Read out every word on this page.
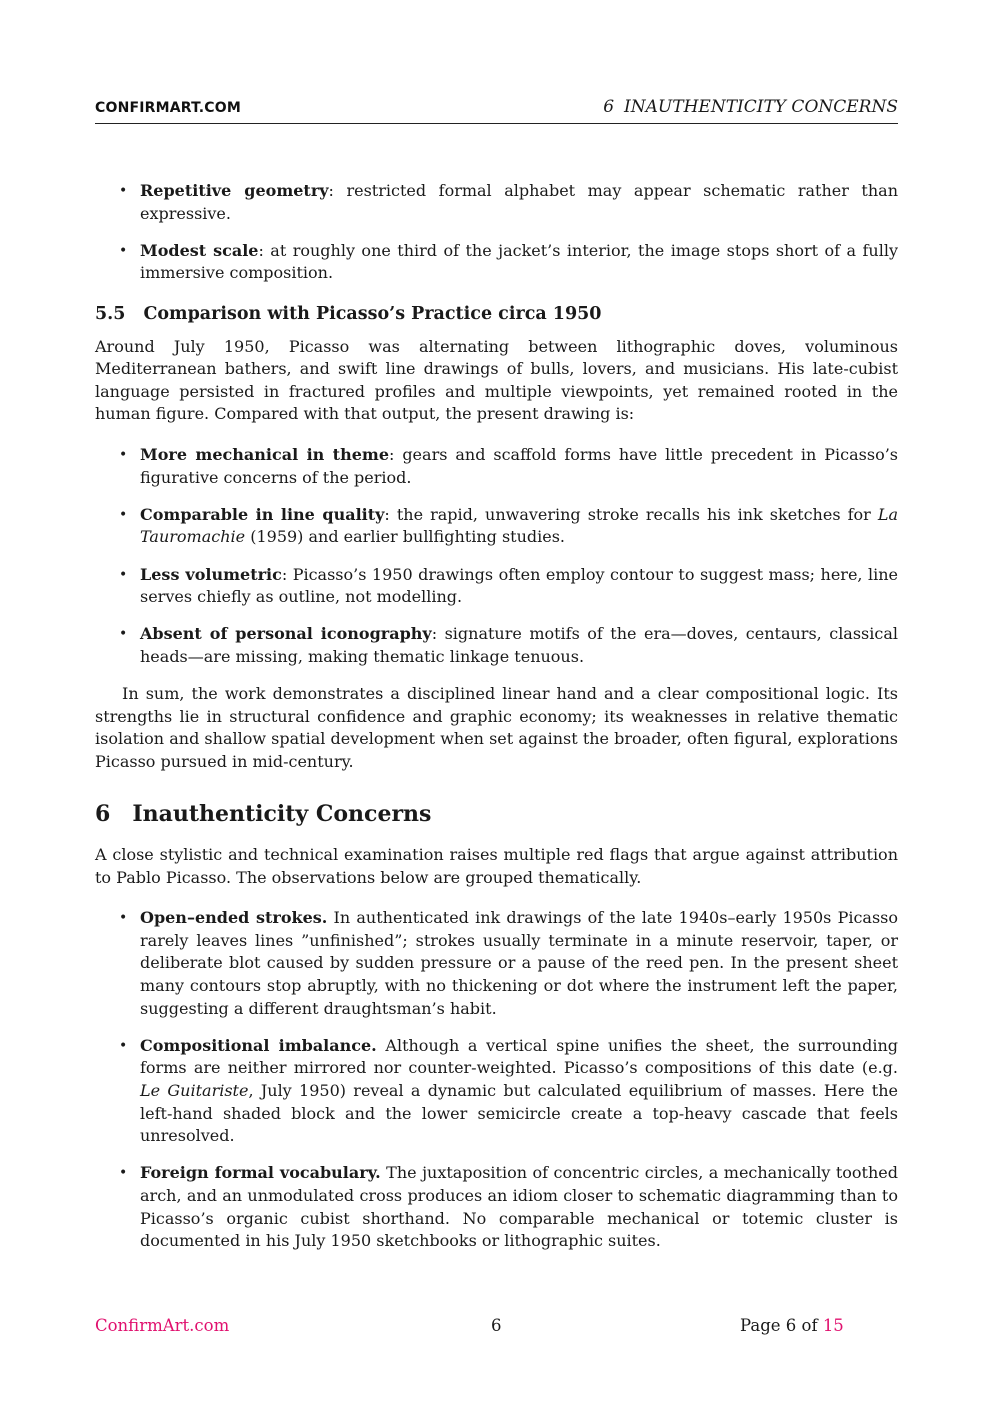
CONFIRMART.COM	6 INAUTHENTICITY CONCERNS
• Repetitive geometry: restricted formal alphabet may appear schematic rather than expressive.
• Modest scale: at roughly one third of the jacket’s interior, the image stops short of a fully immersive composition.
5.5 Comparison with Picasso’s Practice circa 1950

Around July 1950, Picasso was alternating between lithographic doves, voluminous Mediterranean bathers, and swift line drawings of bulls, lovers, and musicians. His late-cubist language persisted in fractured profiles and multiple viewpoints, yet remained rooted in the human figure. Compared with that output, the present drawing is:

• More mechanical in theme: gears and scaffold forms have little precedent in Picasso’s figurative concerns of the period.
• Comparable in line quality: the rapid, unwavering stroke recalls his ink sketches for La Tauromachie (1959) and earlier bullfighting studies.
• Less volumetric: Picasso’s 1950 drawings often employ contour to suggest mass; here, line serves chiefly as outline, not modelling.
• Absent of personal iconography: signature motifs of the era—doves, centaurs, classical heads—are missing, making thematic linkage tenuous.

In sum, the work demonstrates a disciplined linear hand and a clear compositional logic. Its strengths lie in structural confidence and graphic economy; its weaknesses in relative thematic isolation and shallow spatial development when set against the broader, often figural, explorations Picasso pursued in mid-century.

6 Inauthenticity Concerns

A close stylistic and technical examination raises multiple red flags that argue against attribution to Pablo Picasso. The observations below are grouped thematically.

• Open–ended strokes. In authenticated ink drawings of the late 1940s–early 1950s Picasso rarely leaves lines ”unfinished”; strokes usually terminate in a minute reservoir, taper, or deliberate blot caused by sudden pressure or a pause of the reed pen. In the present sheet many contours stop abruptly, with no thickening or dot where the instrument left the paper, suggesting a different draughtsman’s habit.
• Compositional imbalance. Although a vertical spine unifies the sheet, the surrounding forms are neither mirrored nor counter-weighted. Picasso’s compositions of this date (e.g. Le Guitariste, July 1950) reveal a dynamic but calculated equilibrium of masses. Here the left-hand shaded block and the lower semicircle create a top-heavy cascade that feels unresolved.
• Foreign formal vocabulary. The juxtaposition of concentric circles, a mechanically toothed arch, and an unmodulated cross produces an idiom closer to schematic diagramming than to Picasso’s organic cubist shorthand. No comparable mechanical or totemic cluster is documented in his July 1950 sketchbooks or lithographic suites.
ConfirmArt.com	6	Page 6 of 15
